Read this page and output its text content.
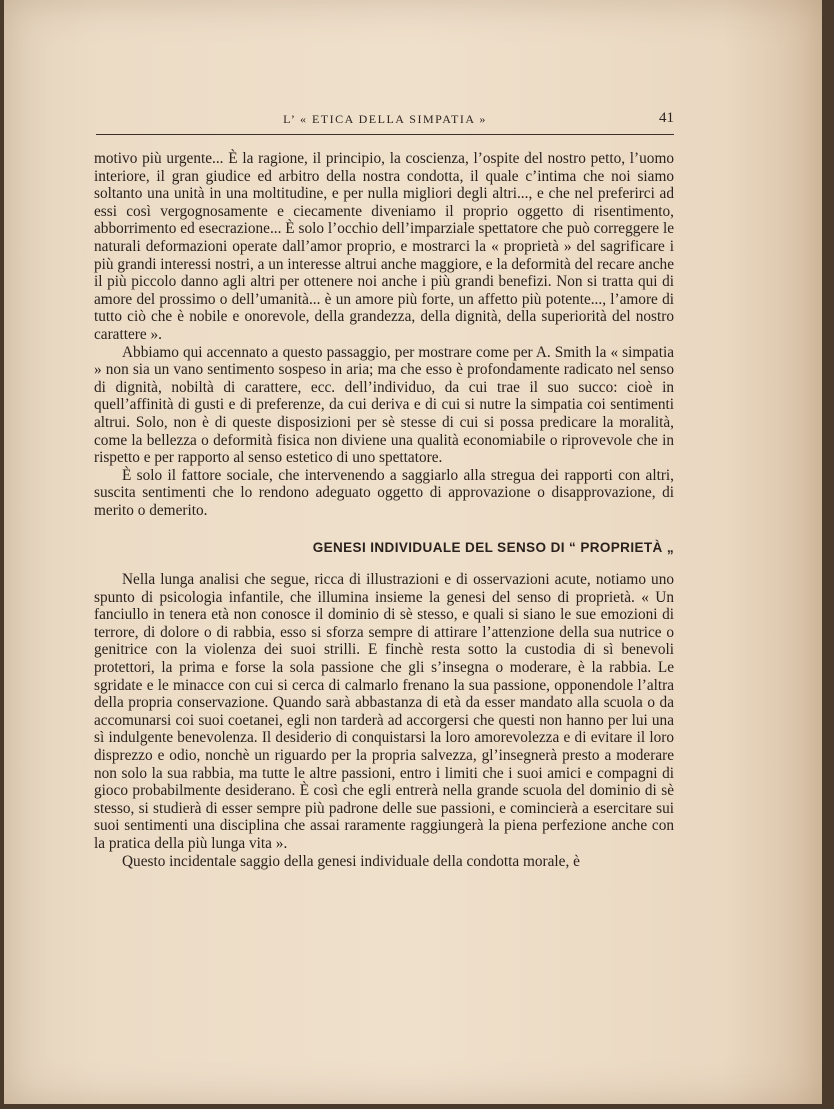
L’ « ETICA DELLA SIMPATIA »	41

motivo più urgente... È la ragione, il principio, la coscienza, l’ospite del nostro petto, l’uomo interiore, il gran giudice ed arbitro della nostra condotta, il quale c’intima che noi siamo soltanto una unità in una moltitudine, e per nulla migliori degli altri..., e che nel preferirci ad essi così vergognosamente e ciecamente diveniamo il proprio oggetto di risentimento, abborrimento ed esecrazione... È solo l’occhio dell’imparziale spettatore che può correggere le naturali deformazioni operate dall’amor proprio, e mostrarci la « proprietà » del sagrificare i più grandi interessi nostri, a un interesse altrui anche maggiore, e la deformità del recare anche il più piccolo danno agli altri per ottenere noi anche i più grandi benefizi. Non si tratta qui di amore del prossimo o dell’umanità... è un amore più forte, un affetto più potente..., l’amore di tutto ciò che è nobile e onorevole, della grandezza, della dignità, della superiorità del nostro carattere ».

Abbiamo qui accennato a questo passaggio, per mostrare come per A. Smith la « simpatia » non sia un vano sentimento sospeso in aria; ma che esso è profondamente radicato nel senso di dignità, nobiltà di carattere, ecc. dell’individuo, da cui trae il suo succo: cioè in quell’affinità di gusti e di preferenze, da cui deriva e di cui si nutre la simpatia coi sentimenti altrui. Solo, non è di queste disposizioni per sè stesse di cui si possa predicare la moralità, come la bellezza o deformità fisica non diviene una qualità economiabile o riprovevole che in rispetto e per rapporto al senso estetico di uno spettatore.

È solo il fattore sociale, che intervenendo a saggiarlo alla stregua dei rapporti con altri, suscita sentimenti che lo rendono adeguato oggetto di approvazione o disapprovazione, di merito o demerito.

GENESI INDIVIDUALE DEL SENSO DI “ PROPRIETÀ „

Nella lunga analisi che segue, ricca di illustrazioni e di osservazioni acute, notiamo uno spunto di psicologia infantile, che illumina insieme la genesi del senso di proprietà. « Un fanciullo in tenera età non conosce il dominio di sè stesso, e quali si siano le sue emozioni di terrore, di dolore o di rabbia, esso si sforza sempre di attirare l’attenzione della sua nutrice o genitrice con la violenza dei suoi strilli. E finchè resta sotto la custodia di sì benevoli protettori, la prima e forse la sola passione che gli s’insegna o moderare, è la rabbia. Le sgridate e le minacce con cui si cerca di calmarlo frenano la sua passione, opponendole l’altra della propria conservazione. Quando sarà abbastanza di età da esser mandato alla scuola o da accomunarsi coi suoi coetanei, egli non tarderà ad accorgersi che questi non hanno per lui una sì indulgente benevolenza. Il desiderio di conquistarsi la loro amorevolezza e di evitare il loro disprezzo e odio, nonchè un riguardo per la propria salvezza, gl’insegnerà presto a moderare non solo la sua rabbia, ma tutte le altre passioni, entro i limiti che i suoi amici e compagni di gioco probabilmente desiderano. È così che egli entrerà nella grande scuola del dominio di sè stesso, si studierà di esser sempre più padrone delle sue passioni, e comincierà a esercitare sui suoi sentimenti una disciplina che assai raramente raggiungerà la piena perfezione anche con la pratica della più lunga vita ».

Questo incidentale saggio della genesi individuale della condotta morale, è
